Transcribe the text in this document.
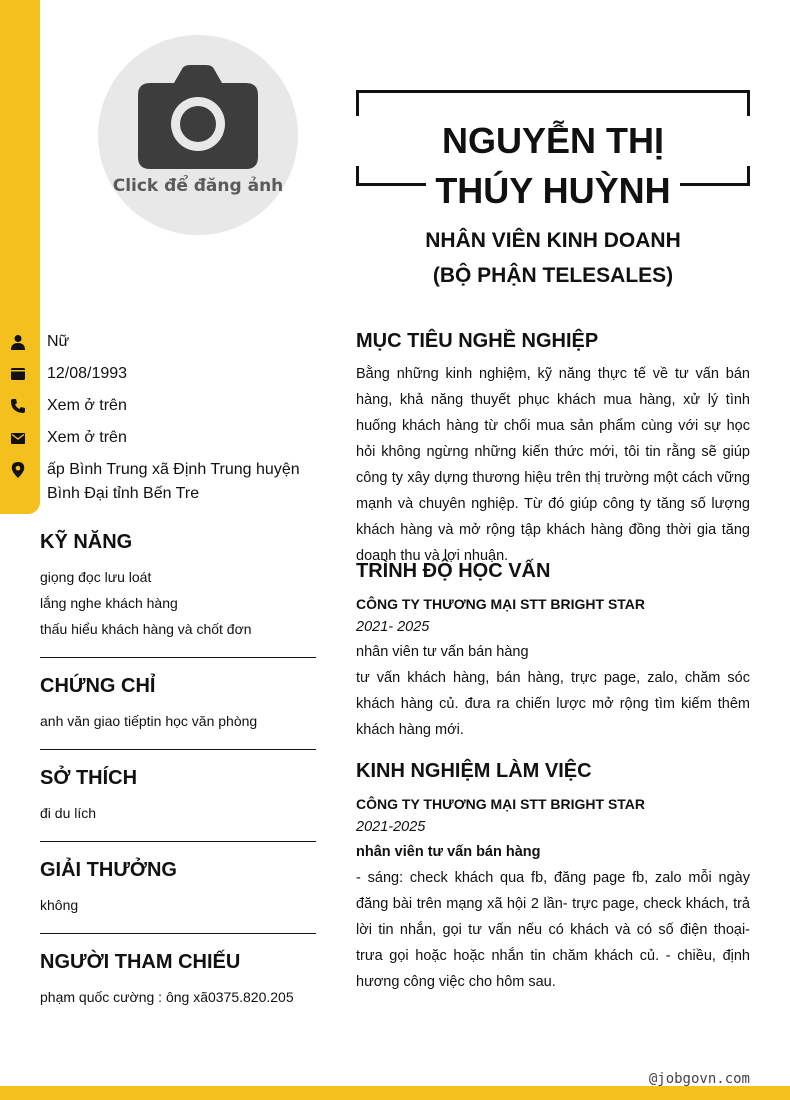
Click để đăng ảnh
NGUYỄN THỊ
THÚY HUỲNH
NHÂN VIÊN KINH DOANH
(BỘ PHẬN TELESALES)
Nữ
12/08/1993
Xem ở trên
Xem ở trên
ấp Bình Trung xã Định Trung huyện Bình Đại tỉnh Bến Tre
KỸ NĂNG
giọng đọc lưu loát
lắng nghe khách hàng
thấu hiểu khách hàng và chốt đơn
CHỨNG CHỈ

anh văn giao tiếptin học văn phòng

SỞ THÍCH

đi du lích

GIẢI THƯỞNG

không

NGƯỜI THAM CHIẾU

phạm quốc cường : ông xã0375.820.205

MỤC TIÊU NGHỀ NGHIỆP

Bằng những kinh nghiệm, kỹ năng thực tế về tư vấn bán hàng, khả năng thuyết phục khách mua hàng, xử lý tình huống khách hàng từ chối mua sản phẩm cùng với sự học hỏi không ngừng những kiến thức mới, tôi tin rằng sẽ giúp công ty xây dựng thương hiệu trên thị trường một cách vững mạnh và chuyên nghiệp. Từ đó giúp công ty tăng số lượng khách hàng và mở rộng tập khách hàng đồng thời gia tăng doanh thu và lợi nhuận.

TRÌNH ĐỘ HỌC VẤN

CÔNG TY THƯƠNG MẠI STT BRIGHT STAR

2021- 2025

nhân viên tư vấn bán hàng

tư vấn khách hàng, bán hàng, trực page, zalo, chăm sóc khách hàng củ. đưa ra chiến lược mở rộng tìm kiếm thêm khách hàng mới.

KINH NGHIỆM LÀM VIỆC

CÔNG TY THƯƠNG MẠI STT BRIGHT STAR

2021-2025

nhân viên tư vấn bán hàng

- sáng: check khách qua fb, đăng page fb, zalo mỗi ngày đăng bài trên mạng xã hội 2 lần- trực page, check khách, trả lời tin nhắn, gọi tư vấn nếu có khách và có số điện thoại- trưa gọi hoặc hoặc nhắn tin chăm khách củ. - chiều, định hương công việc cho hôm sau.

@jobgovn.com
